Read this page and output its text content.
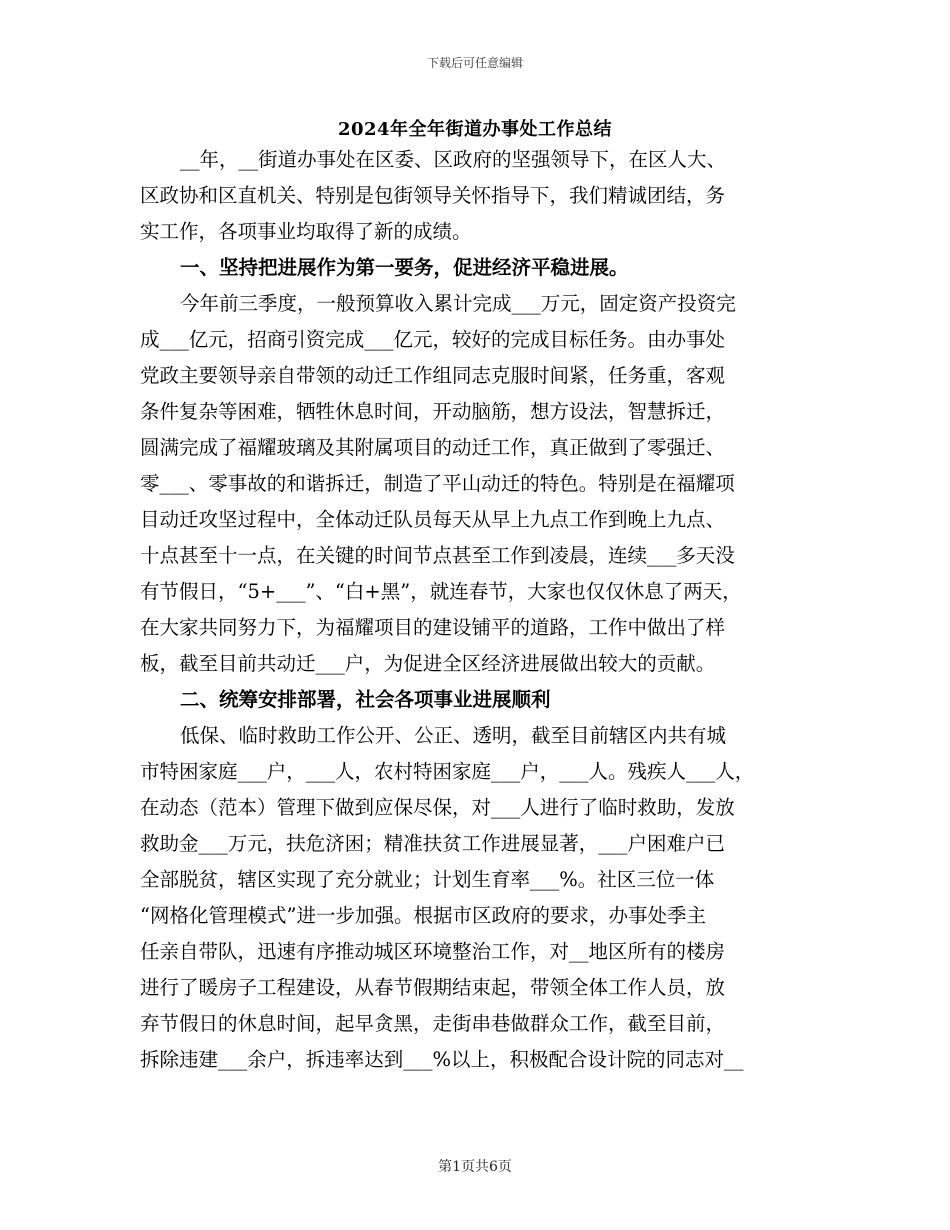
下载后可任意编辑
2024年全年街道办事处工作总结
__年，__街道办事处在区委、区政府的坚强领导下，在区人大、
区政协和区直机关、特别是包街领导关怀指导下，我们精诚团结，务
实工作，各项事业均取得了新的成绩。
一、坚持把进展作为第一要务，促进经济平稳进展。
今年前三季度，一般预算收入累计完成___万元，固定资产投资完
成___亿元，招商引资完成___亿元，较好的完成目标任务。由办事处
党政主要领导亲自带领的动迁工作组同志克服时间紧，任务重，客观
条件复杂等困难，牺牲休息时间，开动脑筋，想方设法，智慧拆迁，
圆满完成了福耀玻璃及其附属项目的动迁工作，真正做到了零强迁、
零___、零事故的和谐拆迁，制造了平山动迁的特色。特别是在福耀项
目动迁攻坚过程中，全体动迁队员每天从早上九点工作到晚上九点、
十点甚至十一点，在关键的时间节点甚至工作到凌晨，连续___多天没
有节假日，“5+___”、“白+黑”，就连春节，大家也仅仅休息了两天，
在大家共同努力下，为福耀项目的建设铺平的道路，工作中做出了样
板，截至目前共动迁___户，为促进全区经济进展做出较大的贡献。
二、统筹安排部署，社会各项事业进展顺利
低保、临时救助工作公开、公正、透明，截至目前辖区内共有城
市特困家庭___户，___人，农村特困家庭___户，___人。残疾人___人，
在动态（范本）管理下做到应保尽保，对___人进行了临时救助，发放
救助金___万元，扶危济困；精准扶贫工作进展显著，___户困难户已
全部脱贫，辖区实现了充分就业；计划生育率___%。社区三位一体
“网格化管理模式”进一步加强。根据市区政府的要求，办事处季主
任亲自带队，迅速有序推动城区环境整治工作，对__地区所有的楼房
进行了暖房子工程建设，从春节假期结束起，带领全体工作人员，放
弃节假日的休息时间，起早贪黑，走街串巷做群众工作，截至目前，
拆除违建___余户，拆违率达到___%以上，积极配合设计院的同志对__
第1页共6页
